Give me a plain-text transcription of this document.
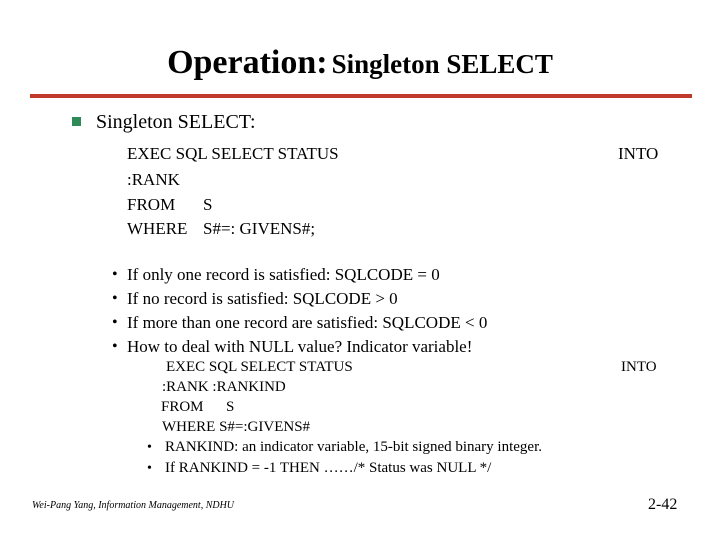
Operation: Singleton SELECT
Singleton SELECT:
EXEC SQL SELECT STATUS	INTO
:RANK
FROM S
WHERE S#=: GIVENS#;
• If only one record is satisfied: SQLCODE = 0
• If no record is satisfied: SQLCODE > 0
• If more than one record are satisfied: SQLCODE < 0
• How to deal with NULL value? Indicator variable!
EXEC SQL SELECT STATUS	INTO
:RANK :RANKIND
FROM S
WHERE S#=:GIVENS#
• RANKIND: an indicator variable, 15-bit signed binary integer.
• If RANKIND = -1 THEN ……/* Status was NULL */
Wei-Pang Yang, Information Management, NDHU	2-42
